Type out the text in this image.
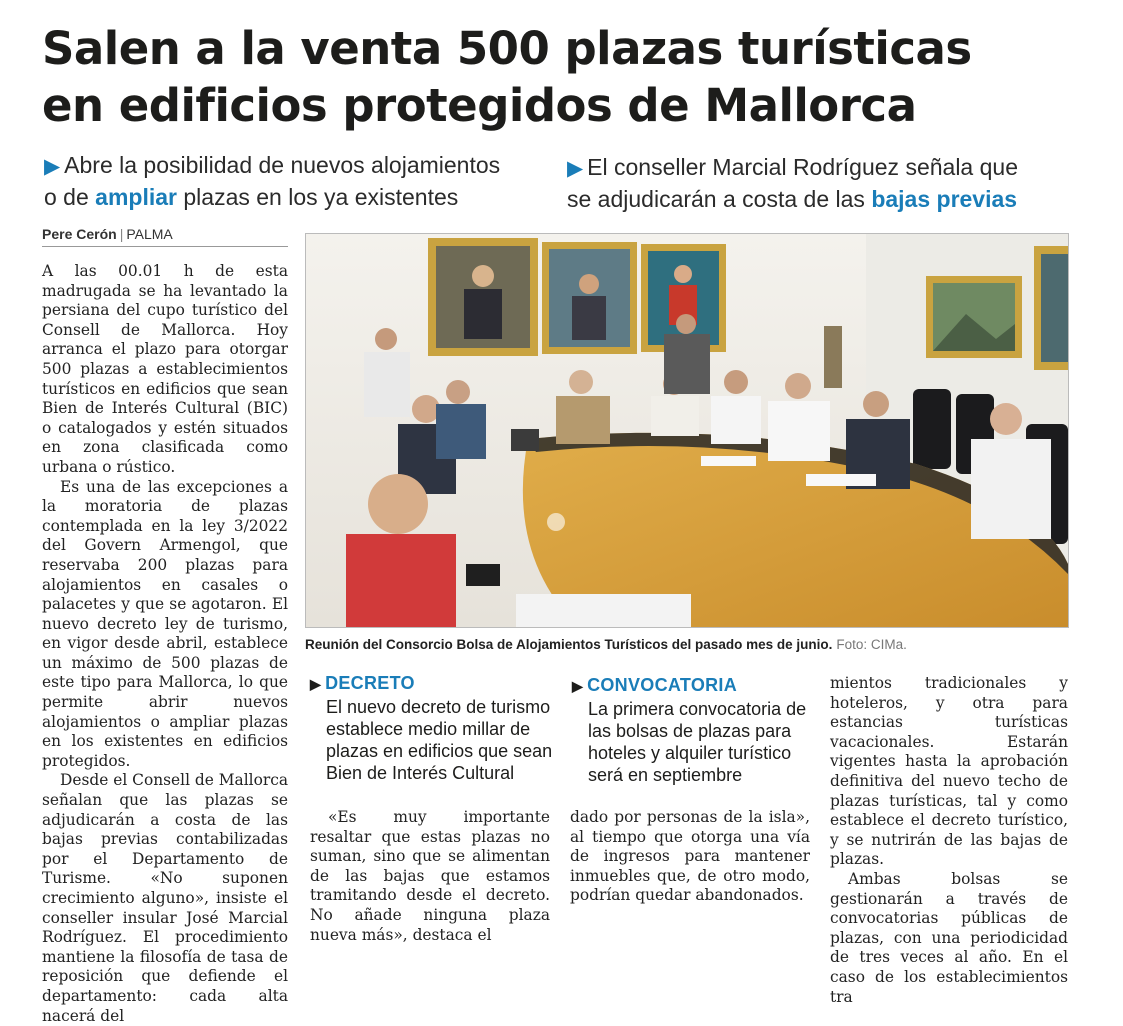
Salen a la venta 500 plazas turísticas
en edificios protegidos de Mallorca
▶ Abre la posibilidad de nuevos alojamientos
o de ampliar plazas en los ya existentes
▶ El conseller Marcial Rodríguez señala que
se adjudicarán a costa de las bajas previas
Pere Cerón | PALMA

A las 00.01 h de esta madrugada se ha levantado la persiana del cupo turístico del Consell de Mallorca. Hoy arranca el plazo para otorgar 500 plazas a establecimientos turísticos en edificios que sean Bien de Interés Cultural (BIC) o catalogados y estén situados en zona clasificada como urbana o rústico.

Es una de las excepciones a la moratoria de plazas contemplada en la ley 3/2022 del Govern Armengol, que reservaba 200 plazas para alojamientos en casales o palacetes y que se agotaron. El nuevo decreto ley de turismo, en vigor desde abril, establece un máximo de 500 plazas de este tipo para Mallorca, lo que permite abrir nuevos alojamientos o ampliar plazas en los existentes en edificios protegidos.

Desde el Consell de Mallorca señalan que las plazas se adjudicarán a costa de las bajas previas contabilizadas por el Departamento de Turisme. «No suponen crecimiento alguno», insiste el conseller insular José Marcial Rodríguez. El procedimiento mantiene la filosofía de tasa de reposición que defiende el departamento: cada alta nacerá del

Reunión del Consorcio Bolsa de Alojamientos Turísticos del pasado mes de junio. Foto: CIMa.
▶ DECRETO
El nuevo decreto de turismo establece medio millar de plazas en edificios que sean Bien de Interés Cultural
▶ CONVOCATORIA
La primera convocatoria de las bolsas de plazas para hoteles y alquiler turístico será en septiembre

«Es muy importante resaltar que estas plazas no suman, sino que se alimentan de las bajas que estamos tramitando desde el decreto. No añade ninguna plaza nueva más», destaca el

dado por personas de la isla», al tiempo que otorga una vía de ingresos para mantener inmuebles que, de otro modo, podrían quedar abandonados.

mientos tradicionales y hoteleros, y otra para estancias turísticas vacacionales. Estarán vigentes hasta la aprobación definitiva del nuevo techo de plazas turísticas, tal y como establece el decreto turístico, y se nutrirán de las bajas de plazas.

Ambas bolsas se gestionarán a través de convocatorias públicas de plazas, con una periodicidad de tres veces al año. En el caso de los establecimientos tra
